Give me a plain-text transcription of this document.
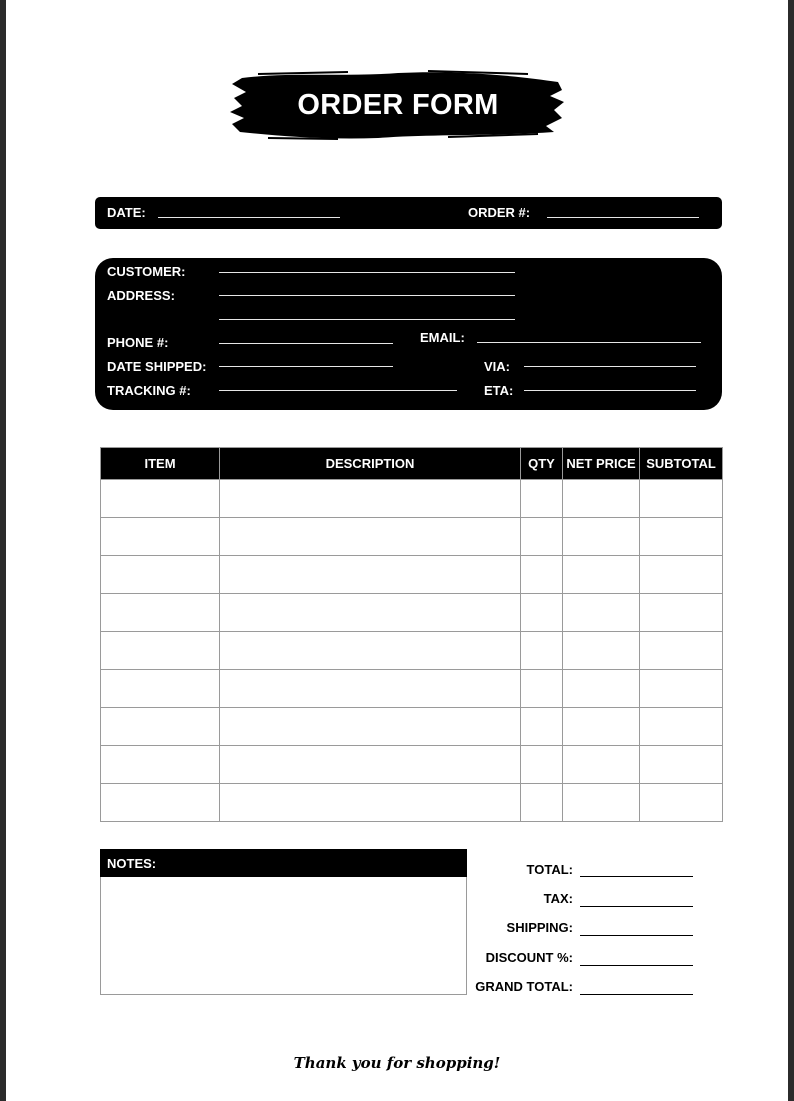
ORDER FORM
DATE:	ORDER #:
CUSTOMER:
ADDRESS:
EMAIL:
PHONE #:
DATE SHIPPED:	VIA:
TRACKING #:	ETA:
ITEM	DESCRIPTION	QTY	NET PRICE	SUBTOTAL

NOTES:	TOTAL:
TAX:
SHIPPING:
DISCOUNT %:
GRAND TOTAL:
Thank you for shopping!
